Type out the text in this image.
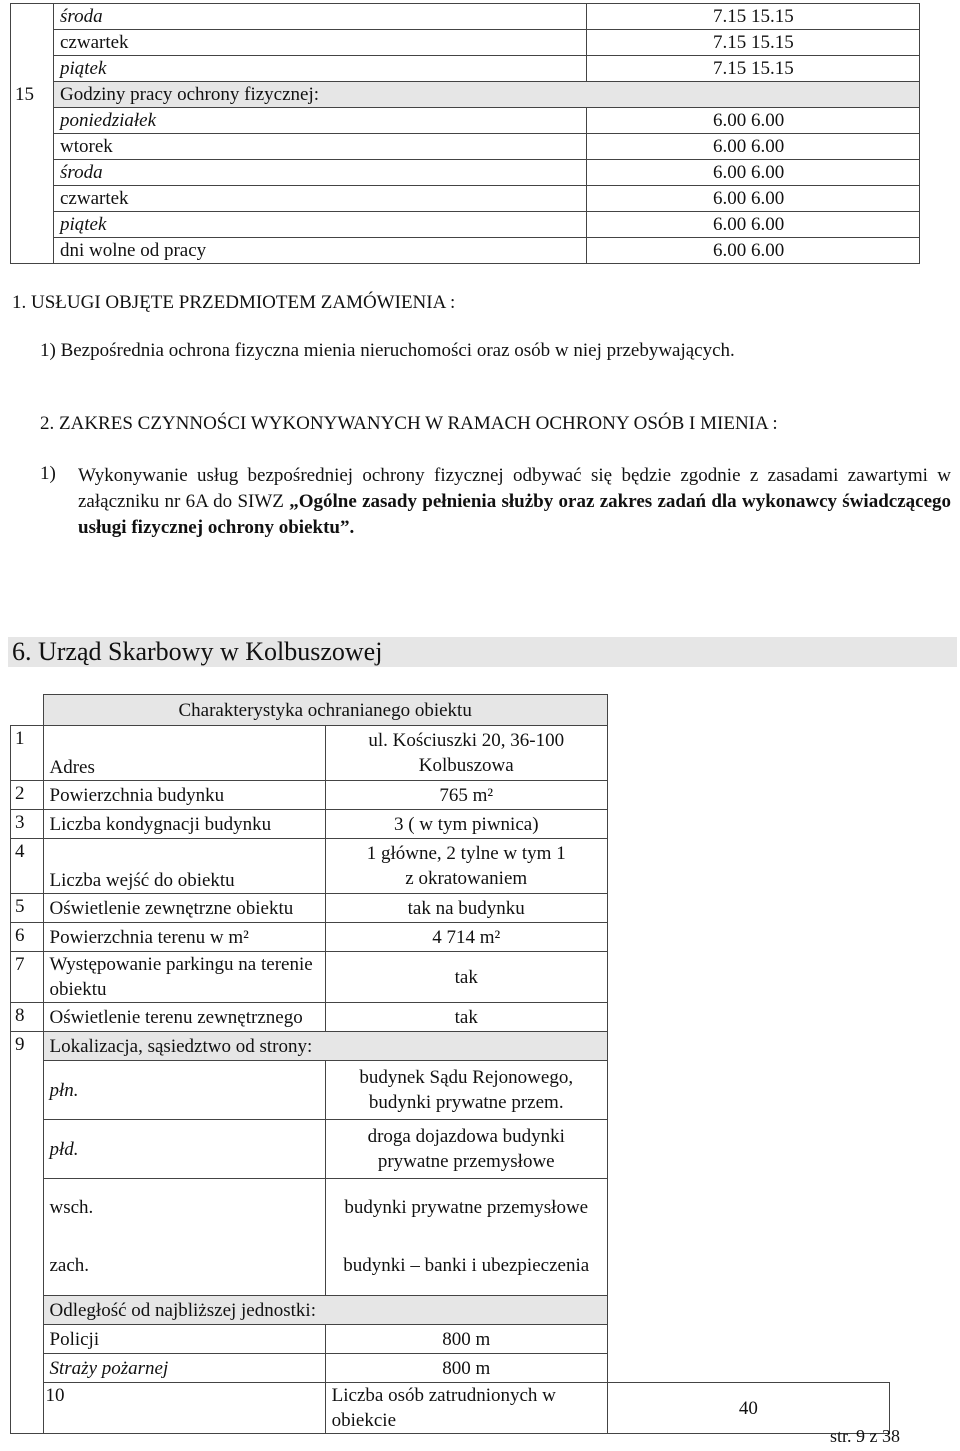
	środa	7.15 15.15
	czwartek	7.15 15.15
	piątek	7.15 15.15
15	Godziny pracy ochrony fizycznej:	
	poniedziałek	6.00 6.00
	wtorek	6.00 6.00
	środa	6.00 6.00
	czwartek	6.00 6.00
	piątek	6.00 6.00
	dni wolne od pracy	6.00 6.00
1. USŁUGI OBJĘTE PRZEDMIOTEM ZAMÓWIENIA :
1) Bezpośrednia ochrona fizyczna mienia nieruchomości oraz osób w niej przebywających.
2. ZAKRES CZYNNOŚCI WYKONYWANYCH W RAMACH OCHRONY OSÓB I MIENIA :
1) Wykonywanie usług bezpośredniej ochrony fizycznej odbywać się będzie zgodnie z zasadami zawartymi w załączniku nr 6A do SIWZ „Ogólne zasady pełnienia służby oraz zakres zadań dla wykonawcy świadczącego usługi fizycznej ochrony obiektu”.
6. Urząd Skarbowy w Kolbuszowej
	Charakterystyka ochranianego obiektu		
1	Adres	ul. Kościuszki 20, 36-100 Kolbuszowa	
2	Powierzchnia budynku	765 m²	
3	Liczba kondygnacji budynku	3 ( w tym piwnica)	
4	Liczba wejść do obiektu	1 główne, 2 tylne w tym 1 z okratowaniem	
5	Oświetlenie zewnętrzne obiektu	tak na budynku	
6	Powierzchnia terenu w m²	4 714 m²	
7	Występowanie parkingu na terenie obiektu	tak	
8	Oświetlenie terenu zewnętrznego	tak	
9	Lokalizacja, sąsiedztwo od strony:		
	płn.	budynek Sądu Rejonowego, budynki prywatne przem.	
	płd.	droga dojazdowa budynki prywatne przemysłowe	
	wsch.	budynki prywatne przemysłowe	
	zach.	budynki – banki i ubezpieczenia	
	Odległość od najbliższej jednostki:		
	Policji	800 m	
	Straży pożarnej	800 m	
	10	Liczba osób zatrudnionych w obiekcie	40
str. 9 z 38
